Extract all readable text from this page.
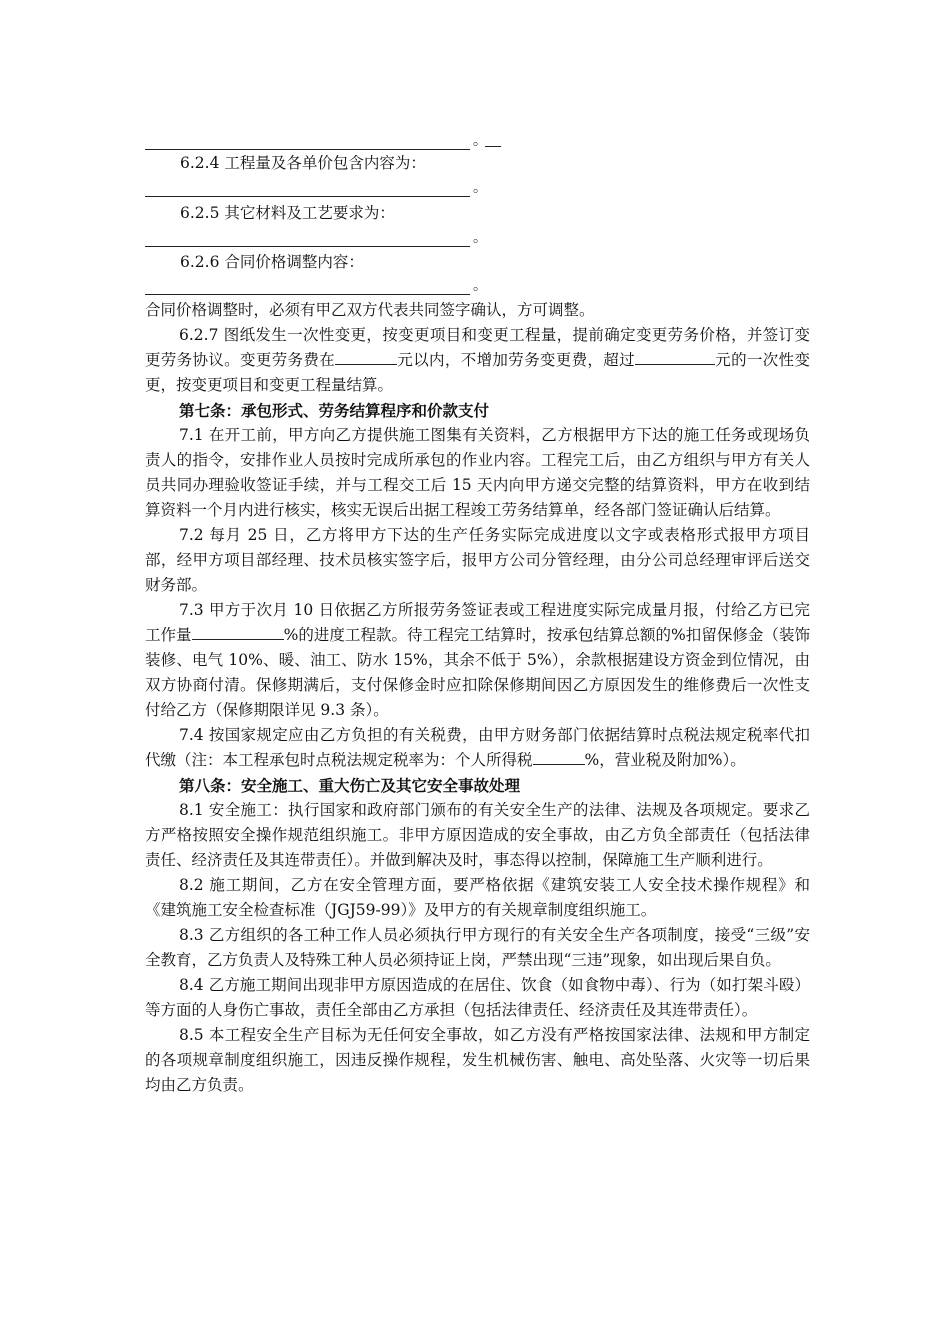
。
6.2.4 工程量及各单价包含内容为：
。
6.2.5 其它材料及工艺要求为：
。
6.2.6 合同价格调整内容：
。

合同价格调整时，必须有甲乙双方代表共同签字确认，方可调整。

6.2.7 图纸发生一次性变更，按变更项目和变更工程量，提前确定变更劳务价格，并签订变更劳务协议。变更劳务费在	元以内，不增加劳务变更费，超过	元的一次性变更，按变更项目和变更工程量结算。

第七条：承包形式、劳务结算程序和价款支付

7.1 在开工前，甲方向乙方提供施工图集有关资料，乙方根据甲方下达的施工任务或现场负责人的指令，安排作业人员按时完成所承包的作业内容。工程完工后，由乙方组织与甲方有关人员共同办理验收签证手续，并与工程交工后 15 天内向甲方递交完整的结算资料，甲方在收到结算资料一个月内进行核实，核实无误后出据工程竣工劳务结算单，经各部门签证确认后结算。

7.2 每月 25 日，乙方将甲方下达的生产任务实际完成进度以文字或表格形式报甲方项目部，经甲方项目部经理、技术员核实签字后，报甲方公司分管经理，由分公司总经理审评后送交财务部。

7.3 甲方于次月 10 日依据乙方所报劳务签证表或工程进度实际完成量月报，付给乙方已完工作量	%的进度工程款。待工程完工结算时，按承包结算总额的%扣留保修金（装饰装修、电气 10%、暖、油工、防水 15%，其余不低于 5%），余款根据建设方资金到位情况，由双方协商付清。保修期满后，支付保修金时应扣除保修期间因乙方原因发生的维修费后一次性支付给乙方（保修期限详见 9.3 条）。

7.4 按国家规定应由乙方负担的有关税费，由甲方财务部门依据结算时点税法规定税率代扣代缴（注：本工程承包时点税法规定税率为：个人所得税	%，营业税及附加%）。

第八条：安全施工、重大伤亡及其它安全事故处理

8.1 安全施工：执行国家和政府部门颁布的有关安全生产的法律、法规及各项规定。要求乙方严格按照安全操作规范组织施工。非甲方原因造成的安全事故，由乙方负全部责任（包括法律责任、经济责任及其连带责任）。并做到解决及时，事态得以控制，保障施工生产顺利进行。

8.2 施工期间，乙方在安全管理方面，要严格依据《建筑安装工人安全技术操作规程》和《建筑施工安全检查标准（JGJ59-99）》及甲方的有关规章制度组织施工。

8.3 乙方组织的各工种工作人员必须执行甲方现行的有关安全生产各项制度，接受“三级”安全教育，乙方负责人及特殊工种人员必须持证上岗，严禁出现“三违”现象，如出现后果自负。

8.4 乙方施工期间出现非甲方原因造成的在居住、饮食（如食物中毒）、行为（如打架斗殴）等方面的人身伤亡事故，责任全部由乙方承担（包括法律责任、经济责任及其连带责任）。

8.5 本工程安全生产目标为无任何安全事故，如乙方没有严格按国家法律、法规和甲方制定的各项规章制度组织施工，因违反操作规程，发生机械伤害、触电、高处坠落、火灾等一切后果均由乙方负责。
